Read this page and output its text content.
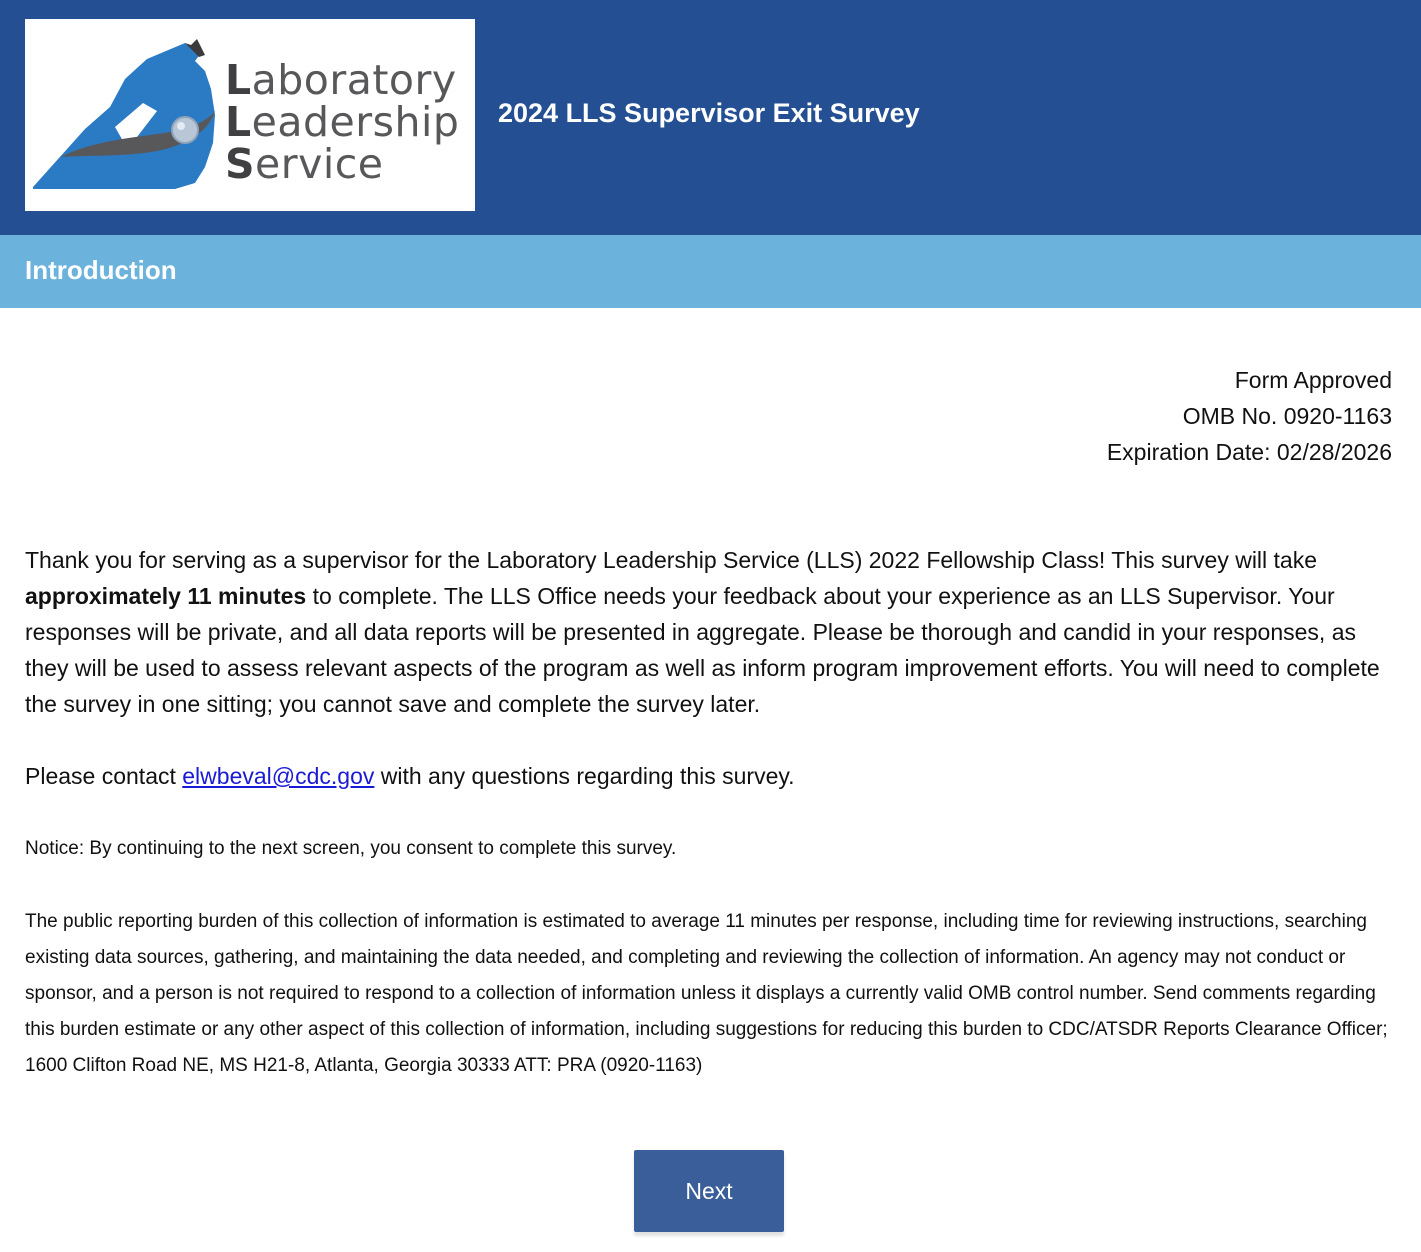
Laboratory
Leadership
Service
2024 LLS Supervisor Exit Survey
Introduction
Form Approved
OMB No. 0920-1163
Expiration Date: 02/28/2026

Thank you for serving as a supervisor for the Laboratory Leadership Service (LLS) 2022 Fellowship Class! This survey will take approximately 11 minutes to complete. The LLS Office needs your feedback about your experience as an LLS Supervisor. Your responses will be private, and all data reports will be presented in aggregate. Please be thorough and candid in your responses, as they will be used to assess relevant aspects of the program as well as inform program improvement efforts. You will need to complete the survey in one sitting; you cannot save and complete the survey later.

Please contact elwbeval@cdc.gov with any questions regarding this survey.

Notice: By continuing to the next screen, you consent to complete this survey.

The public reporting burden of this collection of information is estimated to average 11 minutes per response, including time for reviewing instructions, searching existing data sources, gathering, and maintaining the data needed, and completing and reviewing the collection of information. An agency may not conduct or sponsor, and a person is not required to respond to a collection of information unless it displays a currently valid OMB control number. Send comments regarding this burden estimate or any other aspect of this collection of information, including suggestions for reducing this burden to CDC/ATSDR Reports Clearance Officer; 1600 Clifton Road NE, MS H21-8, Atlanta, Georgia 30333 ATT: PRA (0920-1163)

Next
